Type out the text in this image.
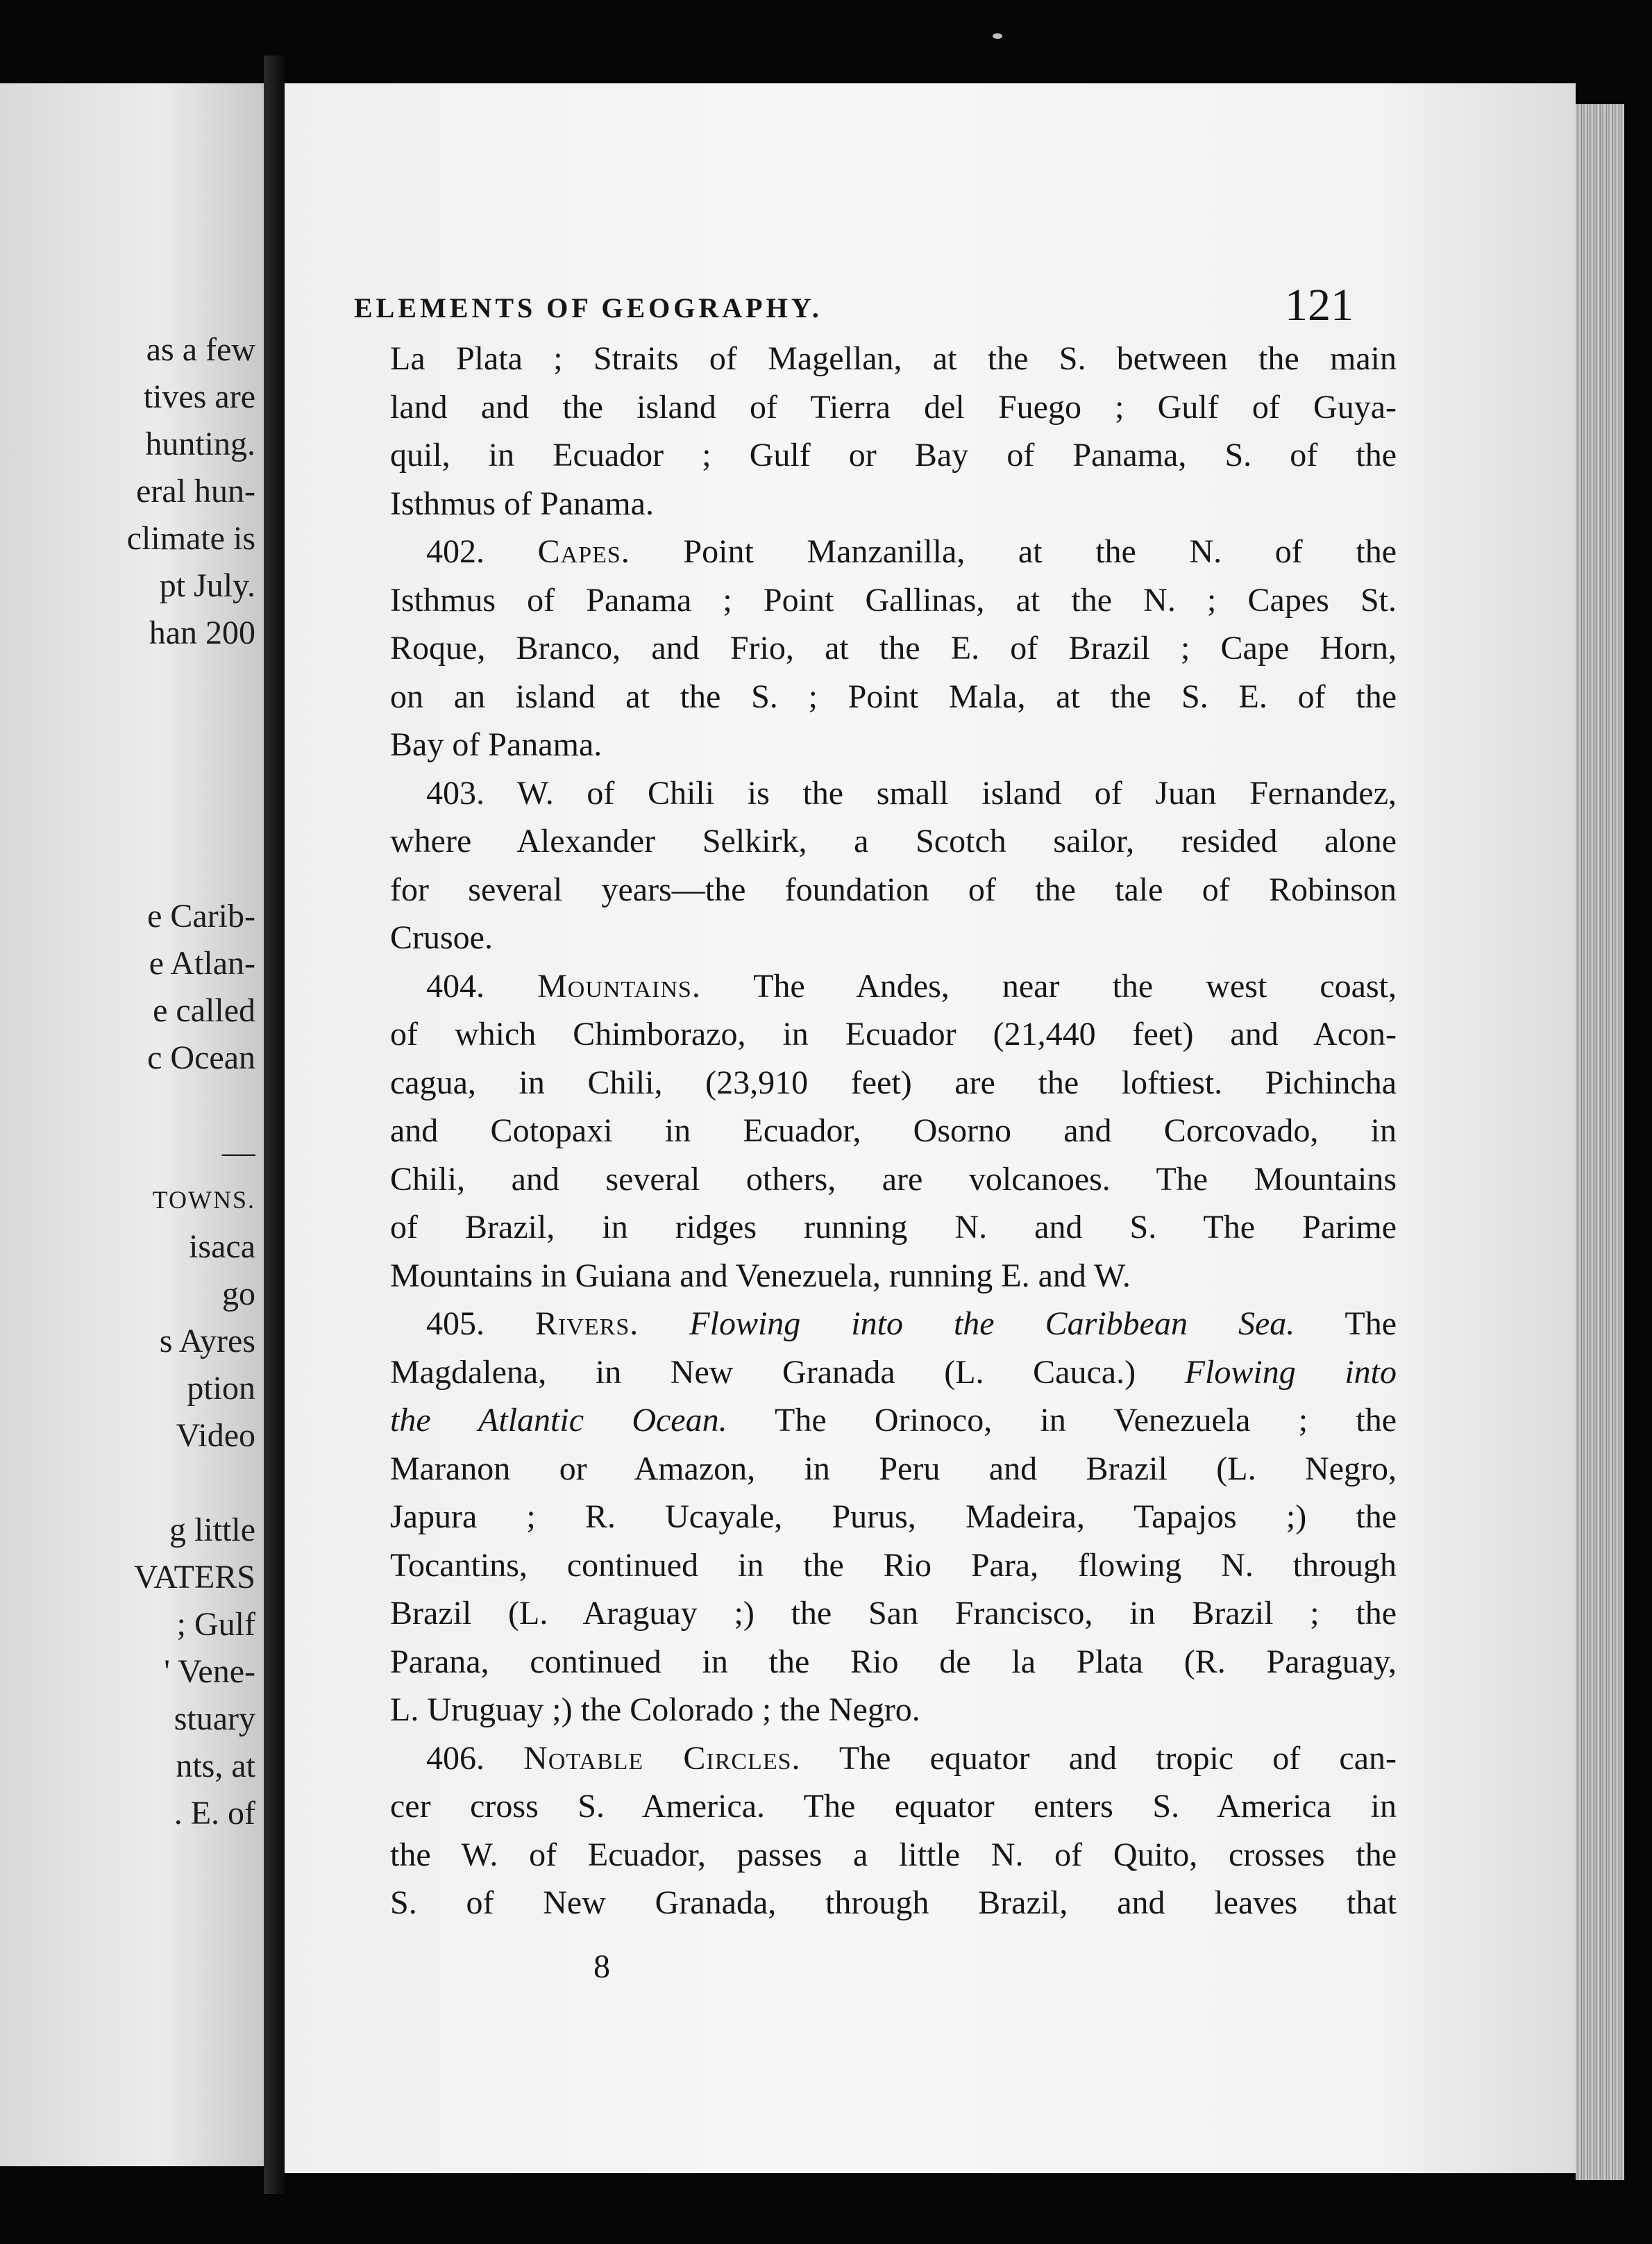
as a few
tives are
hunting.
eral hun-
climate is
pt July.
han 200
e Carib-
e Atlan-
e called
c Ocean
—
TOWNS.
isaca
go
s Ayres
ption
Video
g little
VATERS
; Gulf
' Vene-
stuary
nts, at
. E. of
ELEMENTS OF GEOGRAPHY.	121
La Plata ; Straits of Magellan, at the S. between the main
land and the island of Tierra del Fuego ; Gulf of Guya-
quil, in Ecuador ; Gulf or Bay of Panama, S. of the
Isthmus of Panama.
402. Capes. Point Manzanilla, at the N. of the
Isthmus of Panama ; Point Gallinas, at the N. ; Capes St.
Roque, Branco, and Frio, at the E. of Brazil ; Cape Horn,
on an island at the S. ; Point Mala, at the S. E. of the
Bay of Panama.
403. W. of Chili is the small island of Juan Fernandez,
where Alexander Selkirk, a Scotch sailor, resided alone
for several years—the foundation of the tale of Robinson
Crusoe.
404. Mountains. The Andes, near the west coast,
of which Chimborazo, in Ecuador (21,440 feet) and Acon-
cagua, in Chili, (23,910 feet) are the loftiest. Pichincha
and Cotopaxi in Ecuador, Osorno and Corcovado, in
Chili, and several others, are volcanoes. The Mountains
of Brazil, in ridges running N. and S. The Parime
Mountains in Guiana and Venezuela, running E. and W.
405. Rivers. Flowing into the Caribbean Sea. The
Magdalena, in New Granada (L. Cauca.) Flowing into
the Atlantic Ocean. The Orinoco, in Venezuela ; the
Maranon or Amazon, in Peru and Brazil (L. Negro,
Japura ; R. Ucayale, Purus, Madeira, Tapajos ;) the
Tocantins, continued in the Rio Para, flowing N. through
Brazil (L. Araguay ;) the San Francisco, in Brazil ; the
Parana, continued in the Rio de la Plata (R. Paraguay,
L. Uruguay ;) the Colorado ; the Negro.
406. Notable Circles. The equator and tropic of can-
cer cross S. America. The equator enters S. America in
the W. of Ecuador, passes a little N. of Quito, crosses the
S. of New Granada, through Brazil, and leaves that
8
